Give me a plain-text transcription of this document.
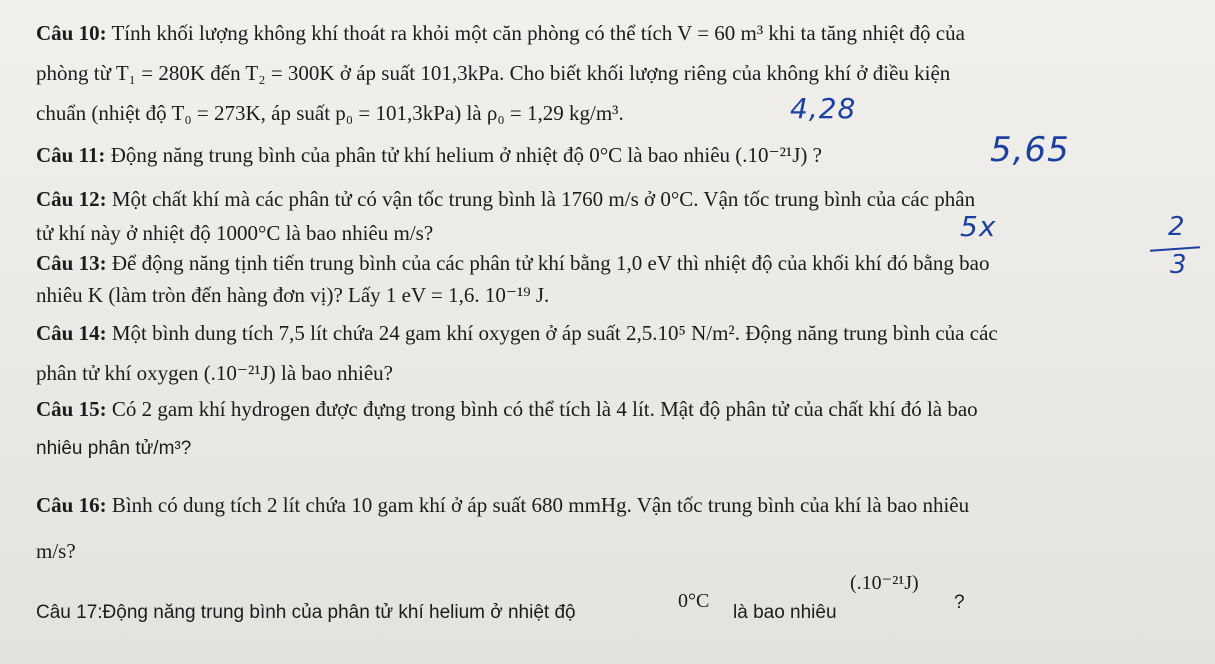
Câu 10: Tính khối lượng không khí thoát ra khỏi một căn phòng có thể tích V = 60 m³ khi ta tăng nhiệt độ của
phòng từ T₁ = 280K đến T₂ = 300K ở áp suất 101,3kPa. Cho biết khối lượng riêng của không khí ở điều kiện
chuẩn (nhiệt độ T₀ = 273K, áp suất p₀ = 101,3kPa) là ρ₀ = 1,29 kg/m³.	4,28
Câu 11: Động năng trung bình của phân tử khí helium ở nhiệt độ 0°C là bao nhiêu (.10⁻²¹J) ?	5,65
Câu 12: Một chất khí mà các phân tử có vận tốc trung bình là 1760 m/s ở 0°C. Vận tốc trung bình của các phân
tử khí này ở nhiệt độ 1000°C là bao nhiêu m/s?	5x
Câu 13: Để động năng tịnh tiến trung bình của các phân tử khí bằng 1,0 eV thì nhiệt độ của khối khí đó bằng bao
nhiêu K (làm tròn đến hàng đơn vị)? Lấy 1 eV = 1,6. 10⁻¹⁹ J.
2
3
Câu 14: Một bình dung tích 7,5 lít chứa 24 gam khí oxygen ở áp suất 2,5.10⁵ N/m². Động năng trung bình của các
phân tử khí oxygen (.10⁻²¹J) là bao nhiêu?
Câu 15: Có 2 gam khí hydrogen được đựng trong bình có thể tích là 4 lít. Mật độ phân tử của chất khí đó là bao
nhiêu phân tử/m³?
Câu 16: Bình có dung tích 2 lít chứa 10 gam khí ở áp suất 680 mmHg. Vận tốc trung bình của khí là bao nhiêu
m/s?
Câu 17:Động năng trung bình của phân tử khí helium ở nhiệt độ
0°C
là bao nhiêu
(.10⁻²¹J)
?
